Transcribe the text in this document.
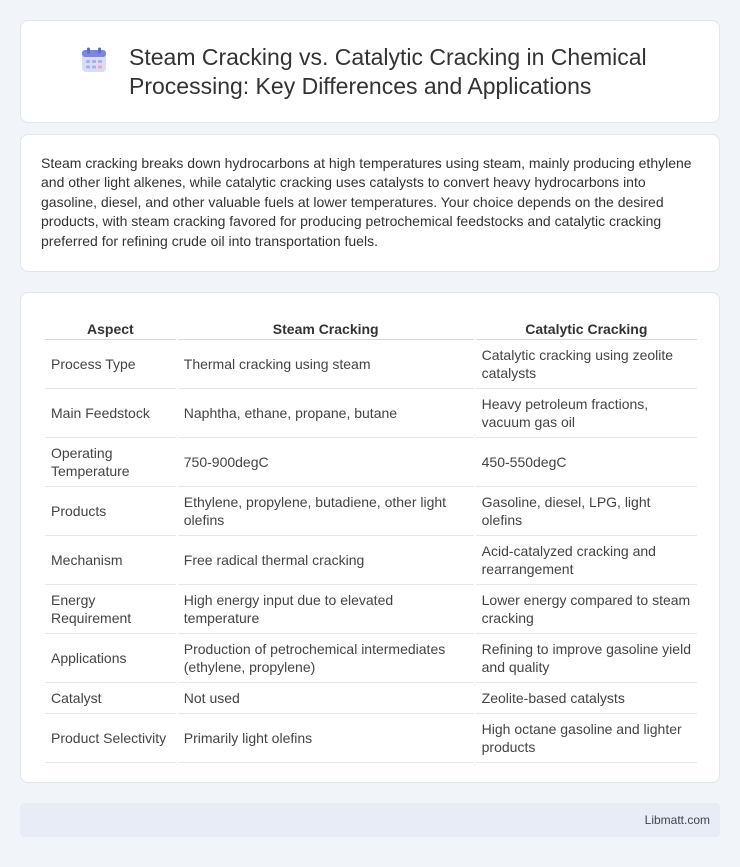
Steam Cracking vs. Catalytic Cracking in Chemical Processing: Key Differences and Applications

Steam cracking breaks down hydrocarbons at high temperatures using steam, mainly producing ethylene and other light alkenes, while catalytic cracking uses catalysts to convert heavy hydrocarbons into gasoline, diesel, and other valuable fuels at lower temperatures. Your choice depends on the desired products, with steam cracking favored for producing petrochemical feedstocks and catalytic cracking preferred for refining crude oil into transportation fuels.

Aspect	Steam Cracking	Catalytic Cracking
Process Type	Thermal cracking using steam	Catalytic cracking using zeolite catalysts
Main Feedstock	Naphtha, ethane, propane, butane	Heavy petroleum fractions, vacuum gas oil
Operating Temperature	750-900degC	450-550degC
Products	Ethylene, propylene, butadiene, other light olefins	Gasoline, diesel, LPG, light olefins
Mechanism	Free radical thermal cracking	Acid-catalyzed cracking and rearrangement
Energy Requirement	High energy input due to elevated temperature	Lower energy compared to steam cracking
Applications	Production of petrochemical intermediates (ethylene, propylene)	Refining to improve gasoline yield and quality
Catalyst	Not used	Zeolite-based catalysts
Product Selectivity	Primarily light olefins	High octane gasoline and lighter products
Libmatt.com
